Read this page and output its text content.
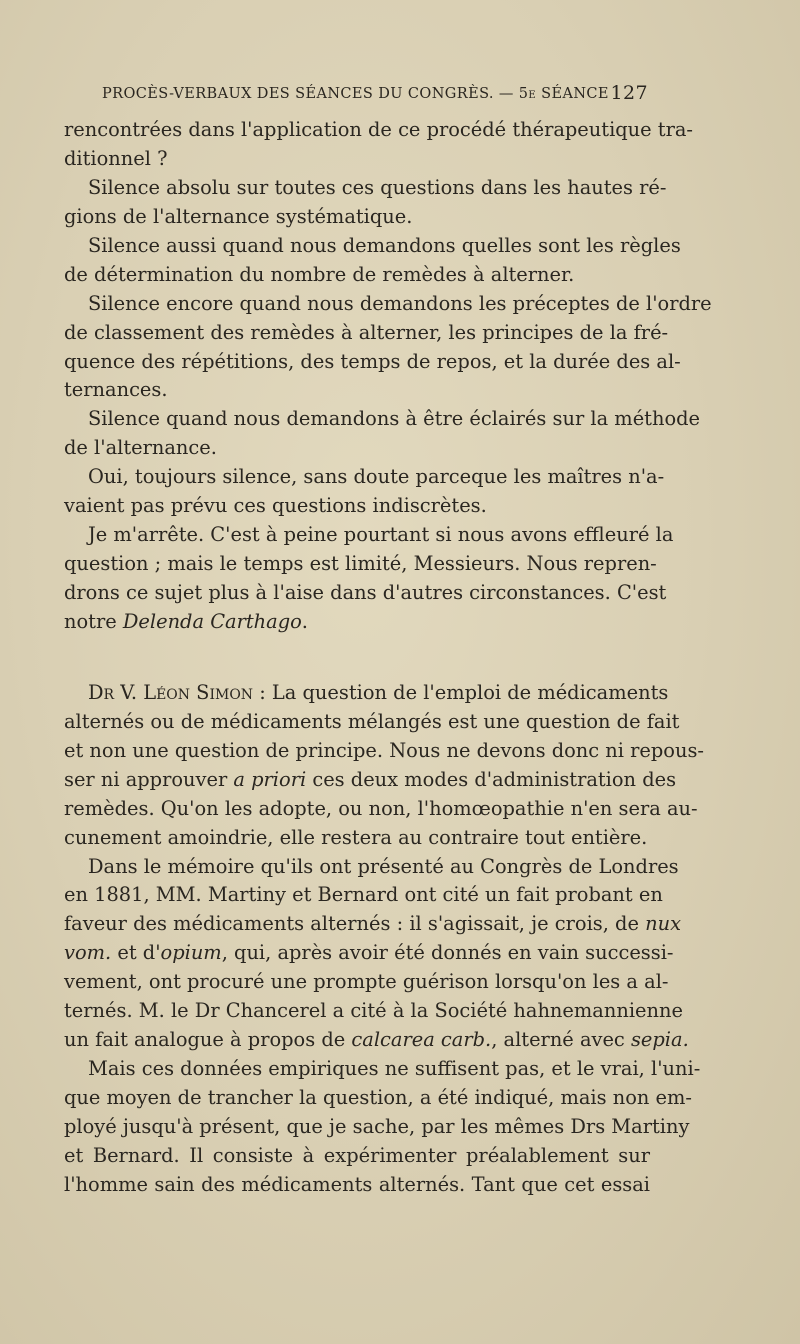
PROCÈS-VERBAUX DES SÉANCES DU CONGRÈS. — 5e SÉANCE 127
rencontrées dans l'application de ce procédé thérapeutique tra-
ditionnel ?
Silence absolu sur toutes ces questions dans les hautes ré-
gions de l'alternance systématique.
Silence aussi quand nous demandons quelles sont les règles
de détermination du nombre de remèdes à alterner.
Silence encore quand nous demandons les préceptes de l'ordre
de classement des remèdes à alterner, les principes de la fré-
quence des répétitions, des temps de repos, et la durée des al-
ternances.
Silence quand nous demandons à être éclairés sur la méthode
de l'alternance.
Oui, toujours silence, sans doute parceque les maîtres n'a-
vaient pas prévu ces questions indiscrètes.
Je m'arrête. C'est à peine pourtant si nous avons effleuré la
question ; mais le temps est limité, Messieurs. Nous repren-
drons ce sujet plus à l'aise dans d'autres circonstances. C'est
notre Delenda Carthago.
Dr V. Léon Simon : La question de l'emploi de médicaments
alternés ou de médicaments mélangés est une question de fait
et non une question de principe. Nous ne devons donc ni repous-
ser ni approuver a priori ces deux modes d'administration des
remèdes. Qu'on les adopte, ou non, l'homœopathie n'en sera au-
cunement amoindrie, elle restera au contraire tout entière.
Dans le mémoire qu'ils ont présenté au Congrès de Londres
en 1881, MM. Martiny et Bernard ont cité un fait probant en
faveur des médicaments alternés : il s'agissait, je crois, de nux
vom. et d'opium, qui, après avoir été donnés en vain successi-
vement, ont procuré une prompte guérison lorsqu'on les a al-
ternés. M. le Dr Chancerel a cité à la Société hahnemannienne
un fait analogue à propos de calcarea carb., alterné avec sepia.
Mais ces données empiriques ne suffisent pas, et le vrai, l'uni-
que moyen de trancher la question, a été indiqué, mais non em-
ployé jusqu'à présent, que je sache, par les mêmes Drs Martiny
et Bernard. Il consiste à expérimenter préalablement sur
l'homme sain des médicaments alternés. Tant que cet essai
